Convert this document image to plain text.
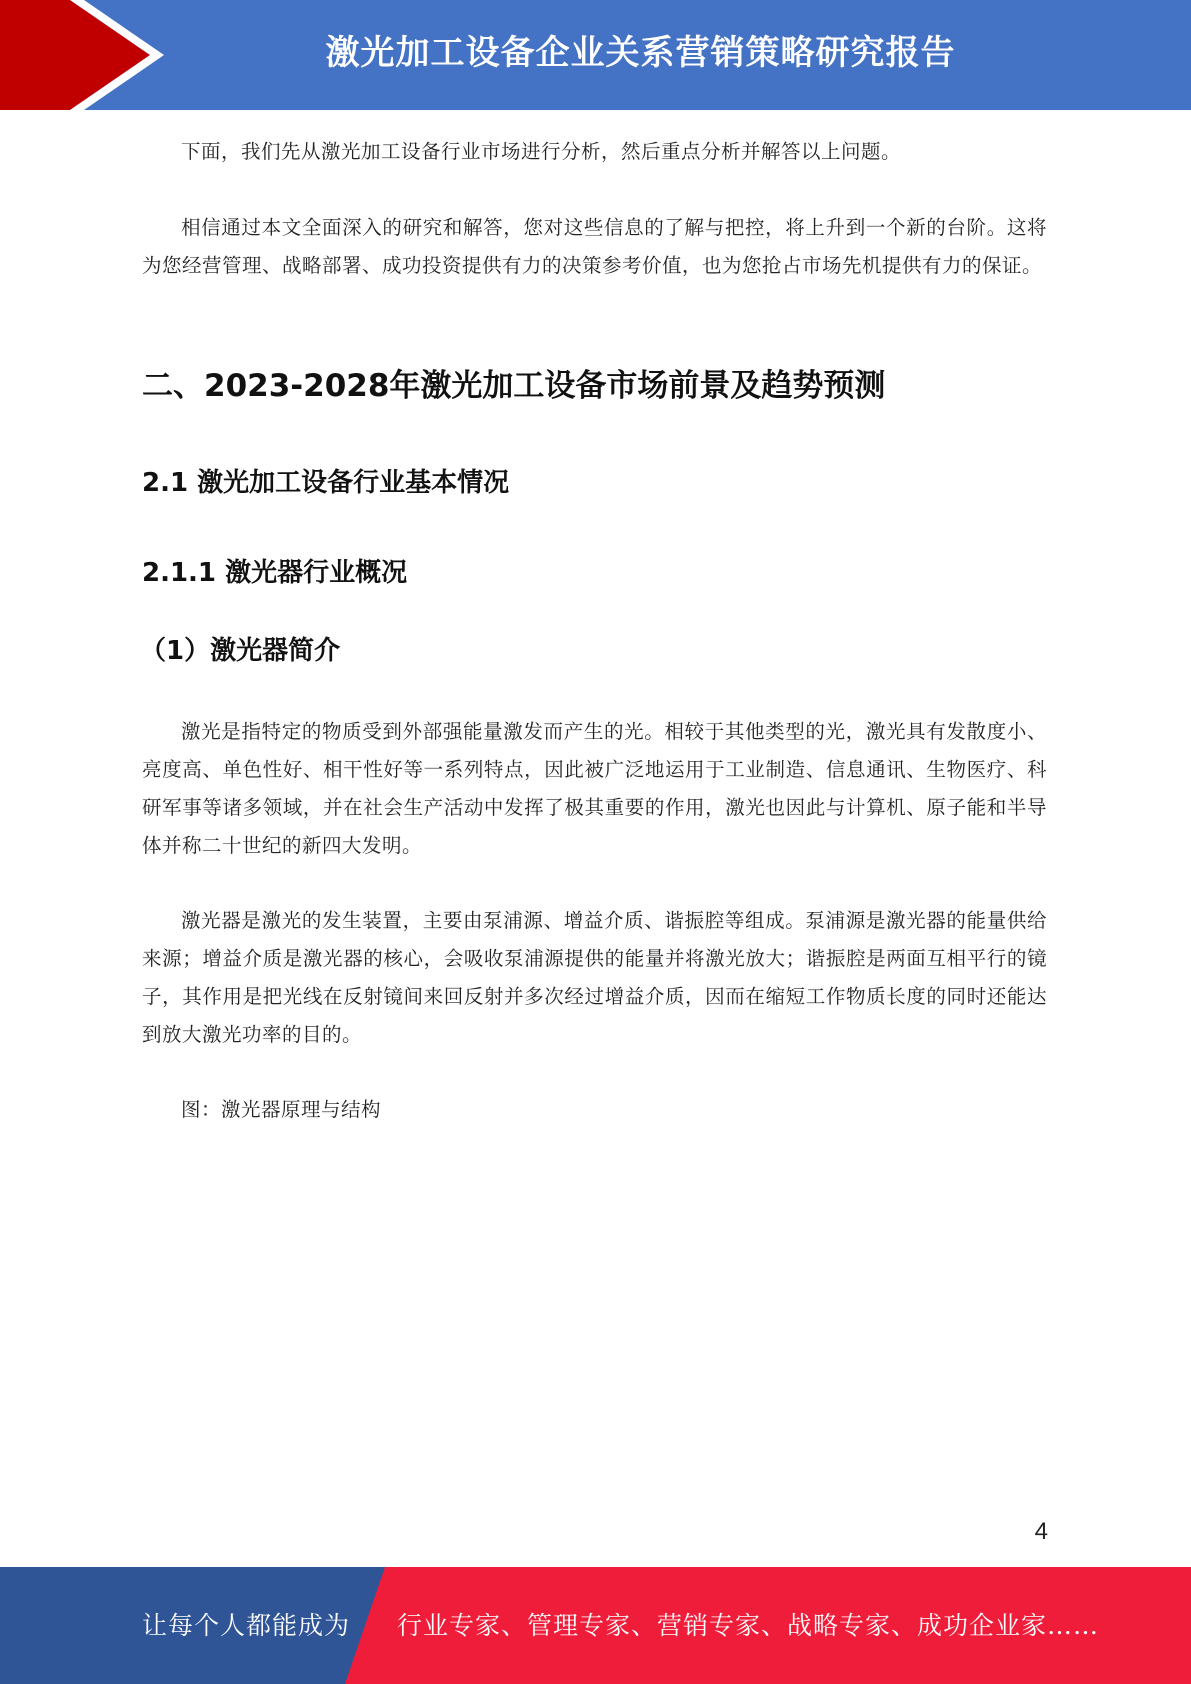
激光加工设备企业关系营销策略研究报告

下面，我们先从激光加工设备行业市场进行分析，然后重点分析并解答以上问题。

相信通过本文全面深入的研究和解答，您对这些信息的了解与把控，将上升到一个新的台阶。这将为您经营管理、战略部署、成功投资提供有力的决策参考价值，也为您抢占市场先机提供有力的保证。

二、2023-2028年激光加工设备市场前景及趋势预测
2.1 激光加工设备行业基本情况
2.1.1 激光器行业概况
（1）激光器简介

激光是指特定的物质受到外部强能量激发而产生的光。相较于其他类型的光，激光具有发散度小、亮度高、单色性好、相干性好等一系列特点，因此被广泛地运用于工业制造、信息通讯、生物医疗、科研军事等诸多领域，并在社会生产活动中发挥了极其重要的作用，激光也因此与计算机、原子能和半导体并称二十世纪的新四大发明。

激光器是激光的发生装置，主要由泵浦源、增益介质、谐振腔等组成。泵浦源是激光器的能量供给来源；增益介质是激光器的核心，会吸收泵浦源提供的能量并将激光放大；谐振腔是两面互相平行的镜子，其作用是把光线在反射镜间来回反射并多次经过增益介质，因而在缩短工作物质长度的同时还能达到放大激光功率的目的。

图：激光器原理与结构

4
让每个人都能成为 行业专家、管理专家、营销专家、战略专家、成功企业家……
